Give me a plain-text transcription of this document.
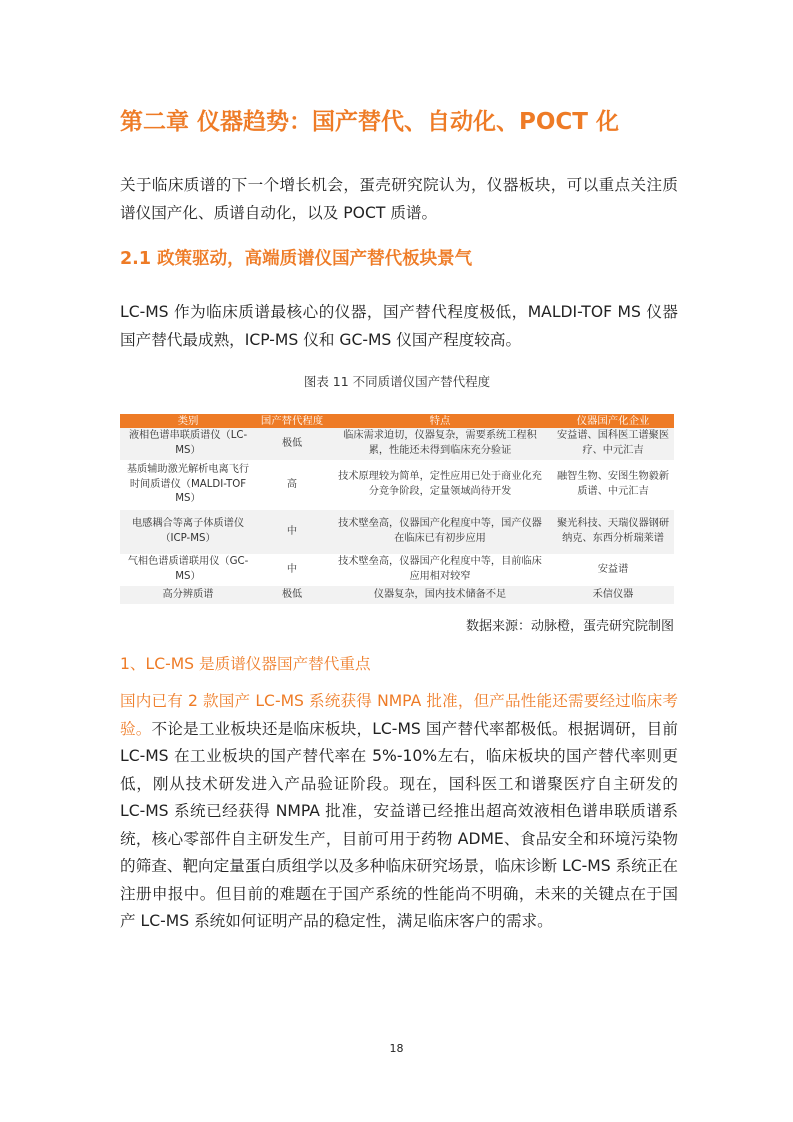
第二章 仪器趋势：国产替代、自动化、POCT 化
关于临床质谱的下一个增长机会，蛋壳研究院认为，仪器板块，可以重点关注质谱仪国产化、质谱自动化，以及 POCT 质谱。
2.1 政策驱动，高端质谱仪国产替代板块景气
LC-MS 作为临床质谱最核心的仪器，国产替代程度极低，MALDI-TOF MS 仪器国产替代最成熟，ICP-MS 仪和 GC-MS 仪国产程度较高。
图表 11 不同质谱仪国产替代程度
类别	国产替代程度	特点	仪器国产化企业
液相色谱串联质谱仪（LC-MS）	极低	临床需求迫切，仪器复杂，需要系统工程积累，性能还未得到临床充分验证	安益谱、国科医工谱聚医疗、中元汇吉
基质辅助激光解析电离飞行时间质谱仪（MALDI-TOF MS）	高	技术原理较为简单，定性应用已处于商业化充分竞争阶段，定量领域尚待开发	融智生物、安图生物毅新质谱、中元汇吉
电感耦合等离子体质谱仪（ICP-MS）	中	技术壁垒高，仪器国产化程度中等，国产仪器在临床已有初步应用	聚光科技、天瑞仪器钢研纳克、东西分析瑞莱谱
气相色谱质谱联用仪（GC-MS）	中	技术壁垒高，仪器国产化程度中等，目前临床应用相对较窄	安益谱
高分辨质谱	极低	仪器复杂，国内技术储备不足	禾信仪器
数据来源：动脉橙，蛋壳研究院制图
1、LC-MS 是质谱仪器国产替代重点
国内已有 2 款国产 LC-MS 系统获得 NMPA 批准，但产品性能还需要经过临床考验。不论是工业板块还是临床板块，LC-MS 国产替代率都极低。根据调研，目前 LC-MS 在工业板块的国产替代率在 5%-10%左右，临床板块的国产替代率则更低，刚从技术研发进入产品验证阶段。现在，国科医工和谱聚医疗自主研发的 LC-MS 系统已经获得 NMPA 批准，安益谱已经推出超高效液相色谱串联质谱系统，核心零部件自主研发生产，目前可用于药物 ADME、食品安全和环境污染物的筛查、靶向定量蛋白质组学以及多种临床研究场景，临床诊断 LC-MS 系统正在注册申报中。但目前的难题在于国产系统的性能尚不明确，未来的关键点在于国产 LC-MS 系统如何证明产品的稳定性，满足临床客户的需求。
18
